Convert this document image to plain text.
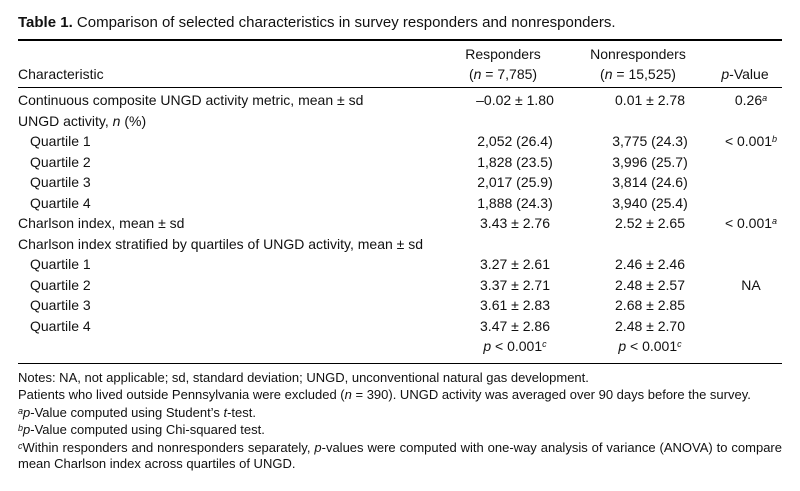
Table 1. Comparison of selected characteristics in survey responders and nonresponders.
	Responders	Nonresponders	
Characteristic	(n = 7,785)	(n = 15,525)	p-Value
Continuous composite UNGD activity metric, mean ± sd	–0.02 ± 1.80	0.01 ± 2.78	0.26$^a$
UNGD activity, n (%)			
Quartile 1	2,052 (26.4)	3,775 (24.3)	< 0.001$^b$
Quartile 2	1,828 (23.5)	3,996 (25.7)	
Quartile 3	2,017 (25.9)	3,814 (24.6)	
Quartile 4	1,888 (24.3)	3,940 (25.4)	
Charlson index, mean ± sd	3.43 ± 2.76	2.52 ± 2.65	< 0.001$^a$
Charlson index stratified by quartiles of UNGD activity, mean ± sd			
Quartile 1	3.27 ± 2.61	2.46 ± 2.46	
Quartile 2	3.37 ± 2.71	2.48 ± 2.57	NA
Quartile 3	3.61 ± 2.83	2.68 ± 2.85	
Quartile 4	3.47 ± 2.86	2.48 ± 2.70	
	p < 0.001$^c$	p < 0.001$^c$	

Notes: NA, not applicable; sd, standard deviation; UNGD, unconventional natural gas development.

Patients who lived outside Pennsylvania were excluded (n = 390). UNGD activity was averaged over 90 days before the survey.

$^a$p-Value computed using Student’s t-test.

$^b$p-Value computed using Chi-squared test.

$^c$Within responders and nonresponders separately, p-values were computed with one-way analysis of variance (ANOVA) to compare mean Charlson index across quartiles of UNGD.
